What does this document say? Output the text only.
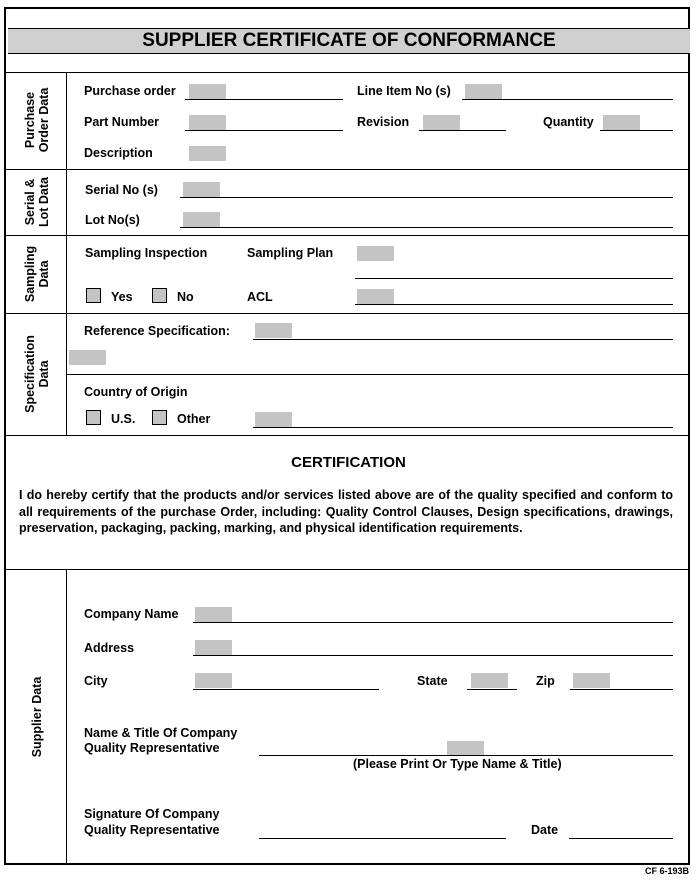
SUPPLIER CERTIFICATE OF CONFORMANCE
Purchase
Order Data
Serial &
Lot Data
Sampling
Data
Specification
Data
Supplier Data
Purchase order	Line Item No (s)
Part Number	Revision	Quantity
Description
Serial No (s)
Lot No(s)
Sampling Inspection	Sampling Plan
Yes	No	ACL
Reference Specification:
Country of Origin
U.S.	Other
CERTIFICATION
I do hereby certify that the products and/or services listed above are of the quality specified and conform to all requirements of the purchase Order, including: Quality Control Clauses, Design specifications, drawings, preservation, packaging, packing, marking, and physical identification requirements.
Company Name
Address
City	State	Zip
Name & Title Of Company
Quality Representative
(Please Print Or Type Name & Title)
Signature Of Company
Quality Representative	Date
CF 6-193B
